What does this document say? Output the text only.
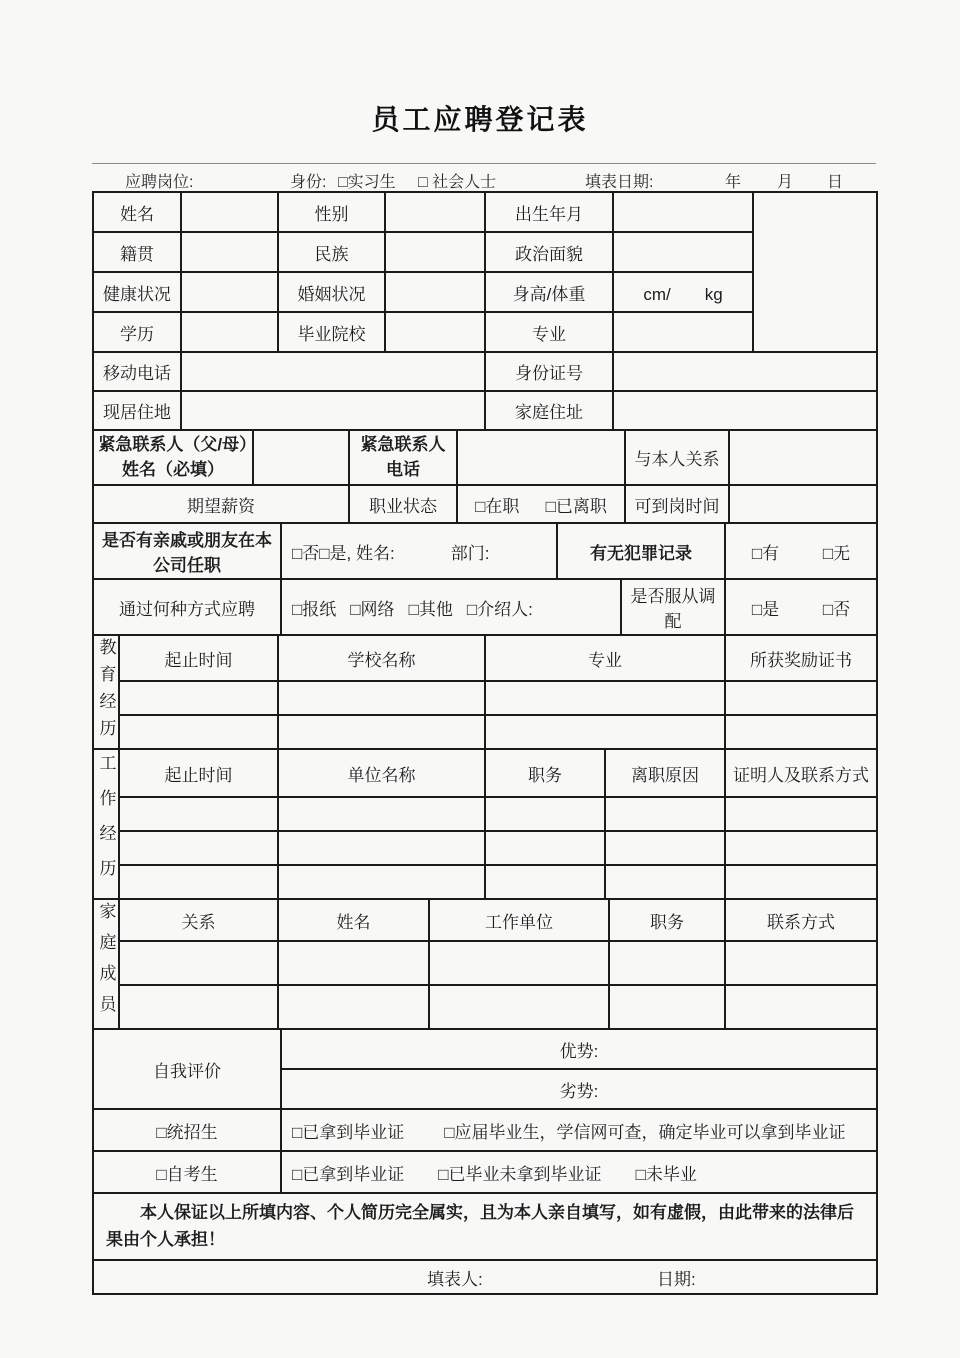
员工应聘登记表
应聘岗位:	身份: □实习生 □ 社会人士	填表日期:	年 月 日
姓名		性别		出生年月		
籍贯		民族		政治面貌		
健康状况		婚姻状况		身高/体重	cm/　　kg	
学历		毕业院校		专业		
移动电话		身份证号	
现居住地		家庭住址	
紧急联系人（父/母）姓名（必填）		紧急联系人电话		与本人关系	
期望薪资		职业状态	□在职 □已离职	可到岗时间	
是否有亲戚或朋友在本公司任职	□否□是, 姓名: 部门:	有无犯罪记录		□有 □无

通过何种方式应聘	□报纸 □网络 □其他 □介绍人:		是否服从调配	□是 □否
教育经历	起止时间	学校名称	专业	所获奖励证书

工作经历	起止时间	单位名称	职务	离职原因	证明人及联系方式

家庭成员	关系	姓名	工作单位	职务	联系方式

自我评价	优势:
劣势:
□统招生	□已拿到毕业证 □应届毕业生，学信网可查，确定毕业可以拿到毕业证

□自考生	□已拿到毕业证 □已毕业未拿到毕业证 □未毕业
本人保证以上所填内容、个人简历完全属实，且为本人亲自填写，如有虚假，由此带来的法律后果由个人承担！
填表人:	日期:
